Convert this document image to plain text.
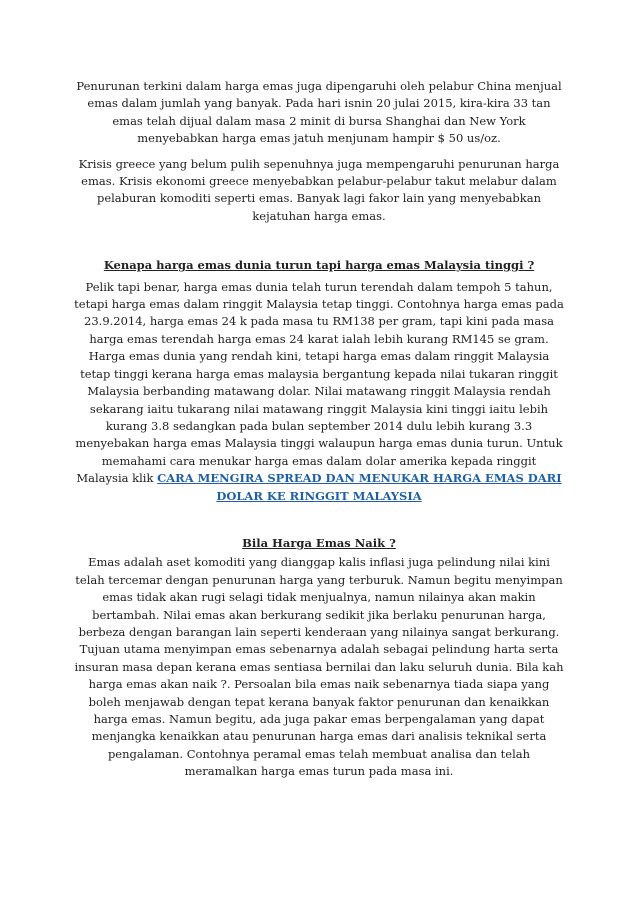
Penurunan terkini dalam harga emas juga dipengaruhi oleh pelabur China menjual emas dalam jumlah yang banyak. Pada hari isnin 20 julai 2015, kira-kira 33 tan emas telah dijual dalam masa 2 minit di bursa Shanghai dan New York menyebabkan harga emas jatuh menjunam hampir $ 50 us/oz.

Krisis greece yang belum pulih sepenuhnya juga mempengaruhi penurunan harga emas. Krisis ekonomi greece menyebabkan pelabur-pelabur takut melabur dalam pelaburan komoditi seperti emas. Banyak lagi fakor lain yang menyebabkan kejatuhan harga emas.

Kenapa harga emas dunia turun tapi harga emas Malaysia tinggi ?

Pelik tapi benar, harga emas dunia telah turun terendah dalam tempoh 5 tahun, tetapi harga emas dalam ringgit Malaysia tetap tinggi. Contohnya harga emas pada 23.9.2014, harga emas 24 k pada masa tu RM138 per gram, tapi kini pada masa harga emas terendah harga emas 24 karat ialah lebih kurang RM145 se gram. Harga emas dunia yang rendah kini, tetapi harga emas dalam ringgit Malaysia tetap tinggi kerana harga emas malaysia bergantung kepada nilai tukaran ringgit Malaysia berbanding matawang dolar. Nilai matawang ringgit Malaysia rendah sekarang iaitu tukarang nilai matawang ringgit Malaysia kini tinggi iaitu lebih kurang 3.8 sedangkan pada bulan september 2014 dulu lebih kurang 3.3 menyebakan harga emas Malaysia tinggi walaupun harga emas dunia turun. Untuk memahami cara menukar harga emas dalam dolar amerika kepada ringgit Malaysia klik CARA MENGIRA SPREAD DAN MENUKAR HARGA EMAS DARI DOLAR KE RINGGIT MALAYSIA

Bila Harga Emas Naik ?

Emas adalah aset komoditi yang dianggap kalis inflasi juga pelindung nilai kini telah tercemar dengan penurunan harga yang terburuk. Namun begitu menyimpan emas tidak akan rugi selagi tidak menjualnya, namun nilainya akan makin bertambah. Nilai emas akan berkurang sedikit jika berlaku penurunan harga, berbeza dengan barangan lain seperti kenderaan yang nilainya sangat berkurang. Tujuan utama menyimpan emas sebenarnya adalah sebagai pelindung harta serta insuran masa depan kerana emas sentiasa bernilai dan laku seluruh dunia. Bila kah harga emas akan naik ?. Persoalan bila emas naik sebenarnya tiada siapa yang boleh menjawab dengan tepat kerana banyak faktor penurunan dan kenaikkan harga emas. Namun begitu, ada juga pakar emas berpengalaman yang dapat menjangka kenaikkan atau penurunan harga emas dari analisis teknikal serta pengalaman. Contohnya peramal emas telah membuat analisa dan telah meramalkan harga emas turun pada masa ini.
